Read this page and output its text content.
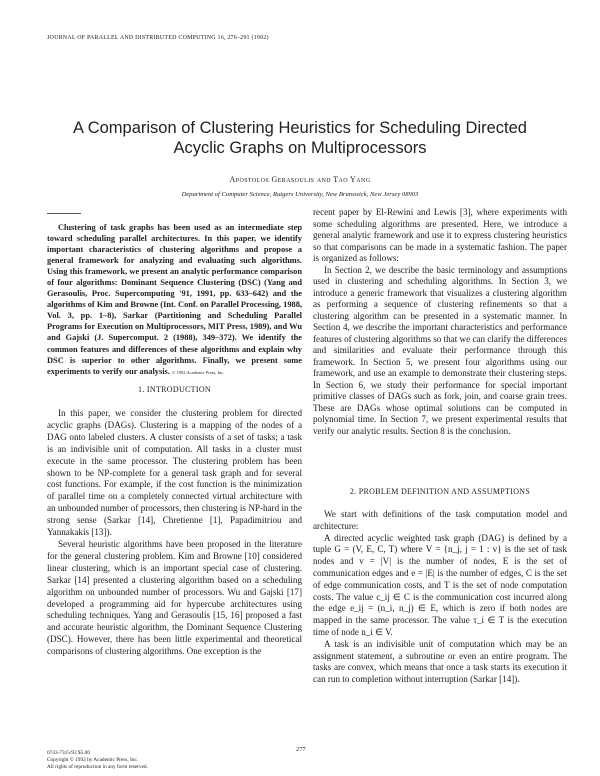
JOURNAL OF PARALLEL AND DISTRIBUTED COMPUTING 16, 276–291 (1992)
A Comparison of Clustering Heuristics for Scheduling Directed
Acyclic Graphs on Multiprocessors
Apostolos Gerasoulis and Tao Yang
Department of Computer Science, Rutgers University, New Brunswick, New Jersey 08903

Clustering of task graphs has been used as an intermediate step toward scheduling parallel architectures. In this paper, we identify important characteristics of clustering algorithms and propose a general framework for analyzing and evaluating such algorithms. Using this framework, we present an analytic performance comparison of four algorithms: Dominant Sequence Clustering (DSC) (Yang and Gerasoulis, Proc. Supercomputing '91, 1991, pp. 633–642) and the algorithms of Kim and Browne (Int. Conf. on Parallel Processing, 1988, Vol. 3, pp. 1–8), Sarkar (Partitioning and Scheduling Parallel Programs for Execution on Multiprocessors, MIT Press, 1989), and Wu and Gajski (J. Supercomput. 2 (1988), 349–372). We identify the common features and differences of these algorithms and explain why DSC is superior to other algorithms. Finally, we present some experiments to verify our analysis. © 1992 Academic Press, Inc.

1. INTRODUCTION

In this paper, we consider the clustering problem for directed acyclic graphs (DAGs). Clustering is a mapping of the nodes of a DAG onto labeled clusters. A cluster consists of a set of tasks; a task is an indivisible unit of computation. All tasks in a cluster must execute in the same processor. The clustering problem has been shown to be NP-complete for a general task graph and for several cost functions. For example, if the cost function is the minimization of parallel time on a completely connected virtual architecture with an unbounded number of processors, then clustering is NP-hard in the strong sense (Sarkar [14], Chretienne [1], Papadimitriou and Yannakakis [13]).

Several heuristic algorithms have been proposed in the literature for the general clustering problem. Kim and Browne [10] considered linear clustering, which is an important special case of clustering. Sarkar [14] presented a clustering algorithm based on a scheduling algorithm on unbounded number of processors. Wu and Gajski [17] developed a programming aid for hypercube architectures using scheduling techniques. Yang and Gerasoulis [15, 16] proposed a fast and accurate heuristic algorithm, the Dominant Sequence Clustering (DSC). However, there has been little experimental and theoretical comparisons of clustering algorithms. One exception is the

recent paper by El-Rewini and Lewis [3], where experiments with some scheduling algorithms are presented. Here, we introduce a general analytic framework and use it to express clustering heuristics so that comparisons can be made in a systematic fashion. The paper is organized as follows:

In Section 2, we describe the basic terminology and assumptions used in clustering and scheduling algorithms. In Section 3, we introduce a generic framework that visualizes a clustering algorithm as performing a sequence of clustering refinements so that a clustering algorithm can be presented in a systematic manner. In Section 4, we describe the important characteristics and performance features of clustering algorithms so that we can clarify the differences and similarities and evaluate their performance through this framework. In Section 5, we present four algorithms using our framework, and use an example to demonstrate their clustering steps. In Section 6, we study their performance for special important primitive classes of DAGs such as fork, join, and coarse grain trees. These are DAGs whose optimal solutions can be computed in polynomial time. In Section 7, we present experimental results that verify our analytic results. Section 8 is the conclusion.

2. PROBLEM DEFINITION AND ASSUMPTIONS

We start with definitions of the task computation model and architecture:

A directed acyclic weighted task graph (DAG) is defined by a tuple G = (V, E, C, T) where V = {n_j, j = 1 : v} is the set of task nodes and v = |V| is the number of nodes, E is the set of communication edges and e = |E| is the number of edges, C is the set of edge communication costs, and T is the set of node computation costs. The value c_ij ∈ C is the communication cost incurred along the edge e_ij = (n_i, n_j) ∈ E, which is zero if both nodes are mapped in the same processor. The value τ_i ∈ T is the execution time of node n_i ∈ V.

A task is an indivisible unit of computation which may be an assignment statement, a subroutine or even an entire program. The tasks are convex, which means that once a task starts its execution it can run to completion without interruption (Sarkar [14]).

277
0743-7315/92 $5.00
Copyright © 1992 by Academic Press, Inc.
All rights of reproduction in any form reserved.
